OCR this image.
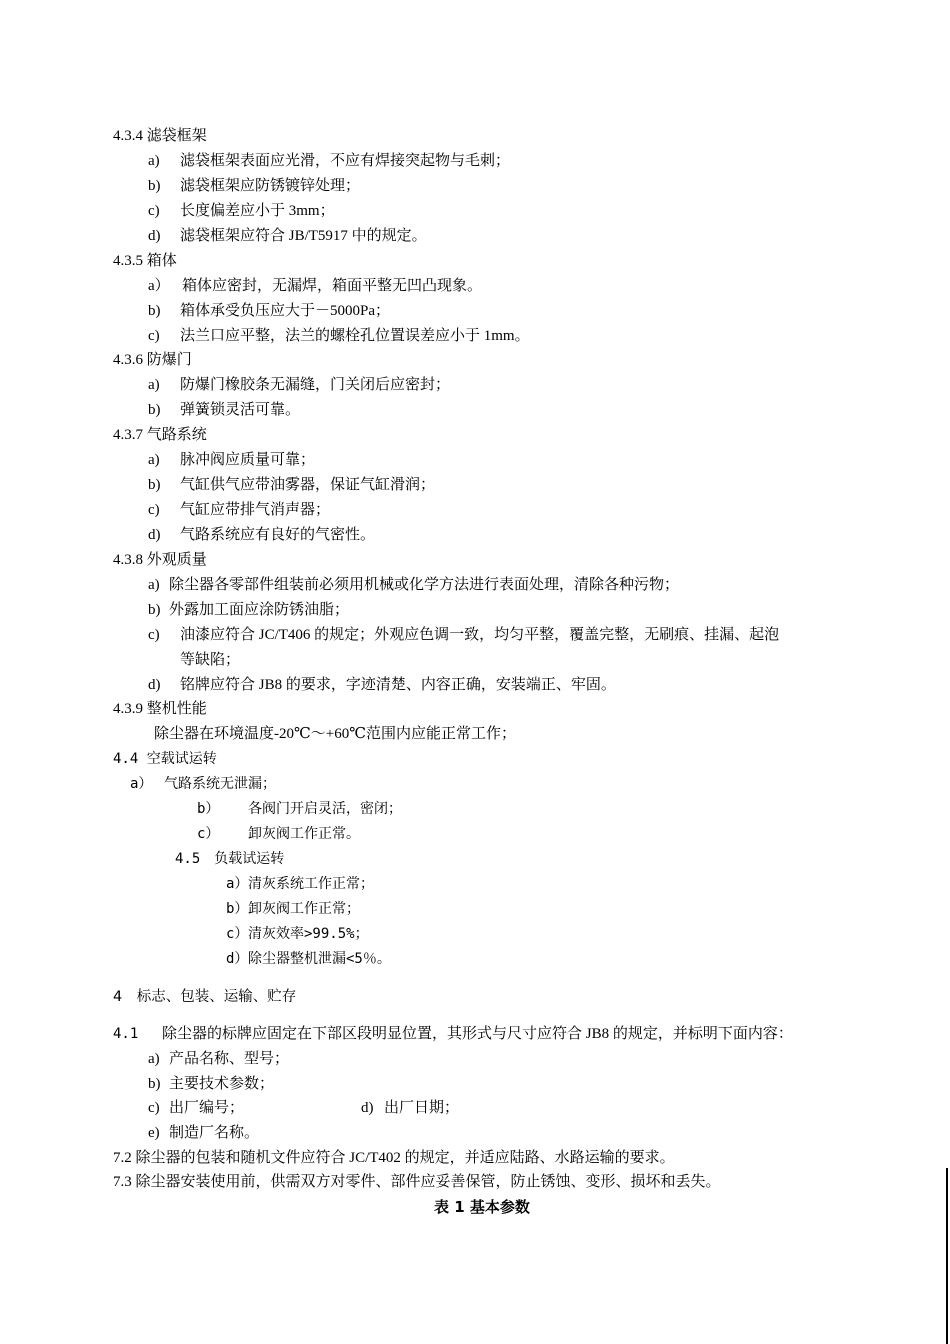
4.3.4 滤袋框架
a) 滤袋框架表面应光滑，不应有焊接突起物与毛刺；
b) 滤袋框架应防锈镀锌处理；
c) 长度偏差应小于 3mm；
d) 滤袋框架应符合 JB/T5917 中的规定。
4.3.5 箱体
a） 箱体应密封，无漏焊，箱面平整无凹凸现象。
b) 箱体承受负压应大于－5000Pa；
c) 法兰口应平整，法兰的螺栓孔位置误差应小于 1mm。
4.3.6 防爆门
a) 防爆门橡胶条无漏缝，门关闭后应密封；
b) 弹簧锁灵活可靠。
4.3.7 气路系统
a) 脉冲阀应质量可靠；
b) 气缸供气应带油雾器，保证气缸滑润；
c) 气缸应带排气消声器；
d) 气路系统应有良好的气密性。
4.3.8 外观质量
a) 除尘器各零部件组装前必须用机械或化学方法进行表面处理，清除各种污物；
b) 外露加工面应涂防锈油脂；
c) 油漆应符合 JC/T406 的规定；外观应色调一致，均匀平整，覆盖完整，无刷痕、挂漏、起泡
等缺陷；
d) 铭牌应符合 JB8 的要求，字迹清楚、内容正确，安装端正、牢固。
4.3.9 整机性能
除尘器在环境温度-20℃～+60℃范围内应能正常工作；
4.4 空载试运转
a） 气路系统无泄漏；
b） 各阀门开启灵活，密闭；
c） 卸灰阀工作正常。
4.5　负载试运转
a）清灰系统工作正常；
b）卸灰阀工作正常；
c）清灰效率>99.5%；
d）除尘器整机泄漏<5％。
4　标志、包装、运输、贮存
4.1 除尘器的标牌应固定在下部区段明显位置，其形式与尺寸应符合 JB8 的规定，并标明下面内容：
a) 产品名称、型号；
b) 主要技术参数；
c) 出厂编号；	d) 出厂日期；
e) 制造厂名称。
7.2 除尘器的包装和随机文件应符合 JC/T402 的规定，并适应陆路、水路运输的要求。
7.3 除尘器安装使用前，供需双方对零件、部件应妥善保管，防止锈蚀、变形、损坏和丢失。
表 1 基本参数
